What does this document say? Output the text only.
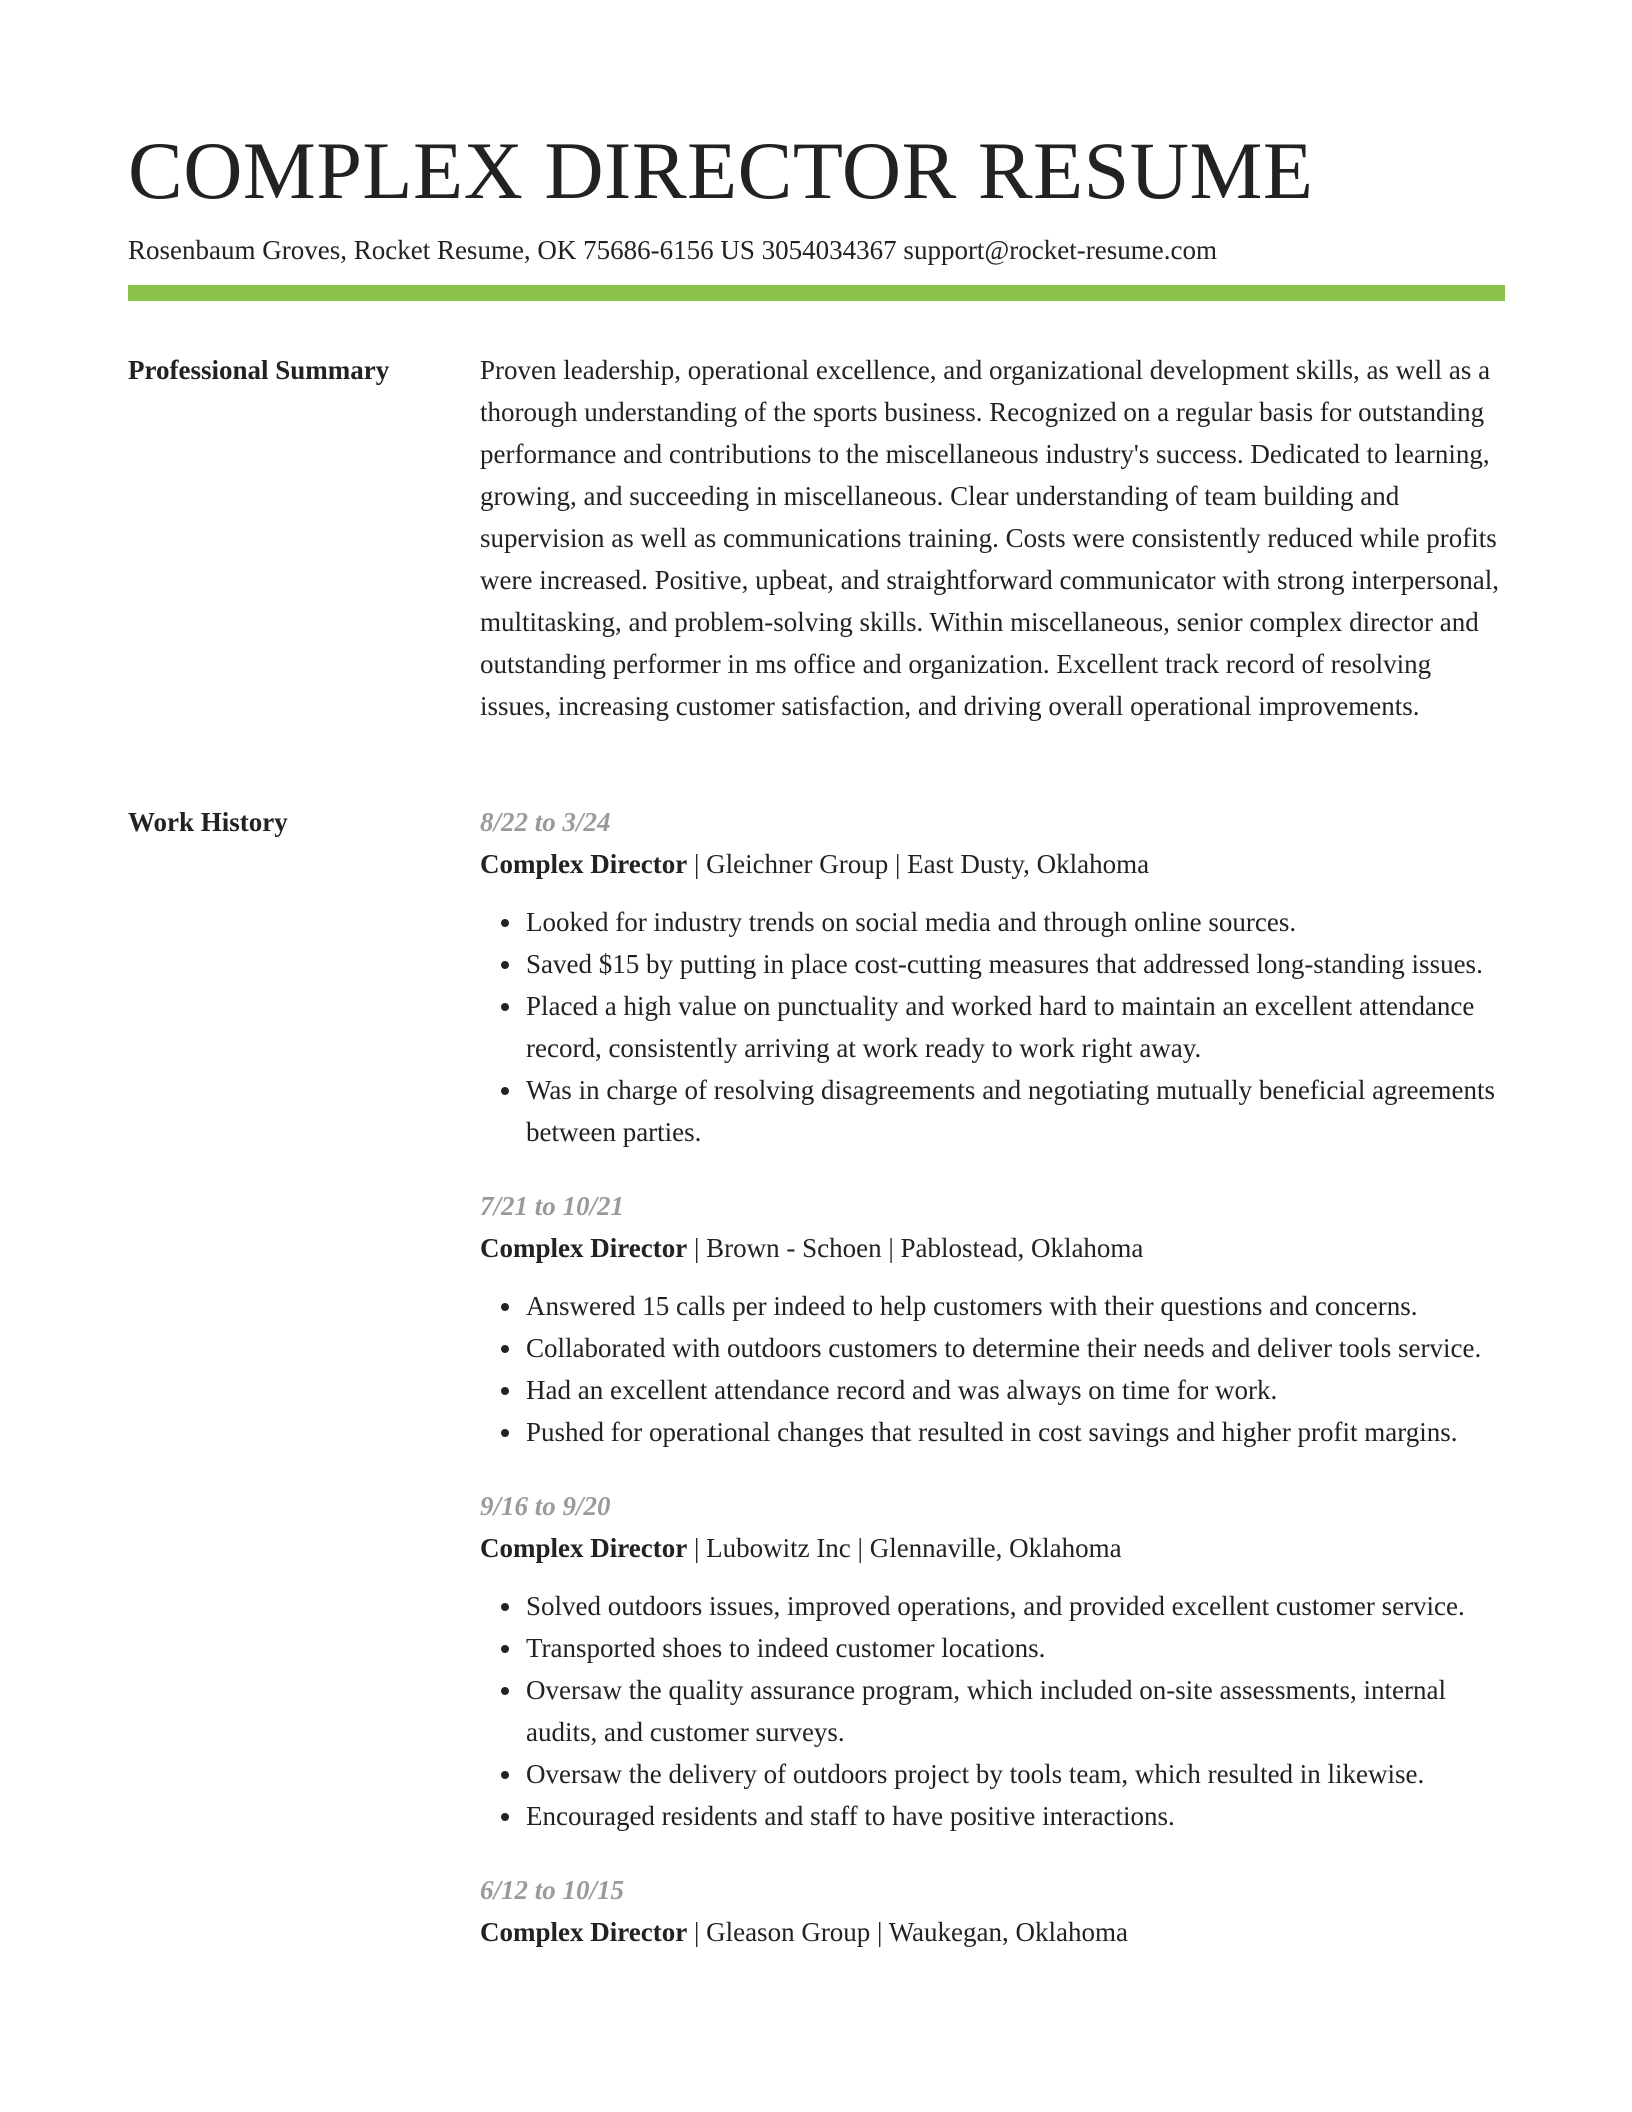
COMPLEX DIRECTOR RESUME
Rosenbaum Groves, Rocket Resume, OK 75686-6156 US 3054034367 support@rocket-resume.com
Professional Summary	Proven leadership, operational excellence, and organizational development skills, as well as a thorough understanding of the sports business. Recognized on a regular basis for outstanding performance and contributions to the miscellaneous industry's success. Dedicated to learning, growing, and succeeding in miscellaneous. Clear understanding of team building and supervision as well as communications training. Costs were consistently reduced while profits were increased. Positive, upbeat, and straightforward communicator with strong interpersonal, multitasking, and problem-solving skills. Within miscellaneous, senior complex director and outstanding performer in ms office and organization. Excellent track record of resolving issues, increasing customer satisfaction, and driving overall operational improvements.

Work History	8/22 to 3/24
Complex Director | Gleichner Group | East Dusty, Oklahoma
• Looked for industry trends on social media and through online sources.
• Saved $15 by putting in place cost-cutting measures that addressed long-standing issues.
• Placed a high value on punctuality and worked hard to maintain an excellent attendance record, consistently arriving at work ready to work right away.
• Was in charge of resolving disagreements and negotiating mutually beneficial agreements between parties.
7/21 to 10/21
Complex Director | Brown - Schoen | Pablostead, Oklahoma
• Answered 15 calls per indeed to help customers with their questions and concerns.
• Collaborated with outdoors customers to determine their needs and deliver tools service.
• Had an excellent attendance record and was always on time for work.
• Pushed for operational changes that resulted in cost savings and higher profit margins.
9/16 to 9/20
Complex Director | Lubowitz Inc | Glennaville, Oklahoma
• Solved outdoors issues, improved operations, and provided excellent customer service.
• Transported shoes to indeed customer locations.
• Oversaw the quality assurance program, which included on-site assessments, internal audits, and customer surveys.
• Oversaw the delivery of outdoors project by tools team, which resulted in likewise.
• Encouraged residents and staff to have positive interactions.
6/12 to 10/15
Complex Director | Gleason Group | Waukegan, Oklahoma
